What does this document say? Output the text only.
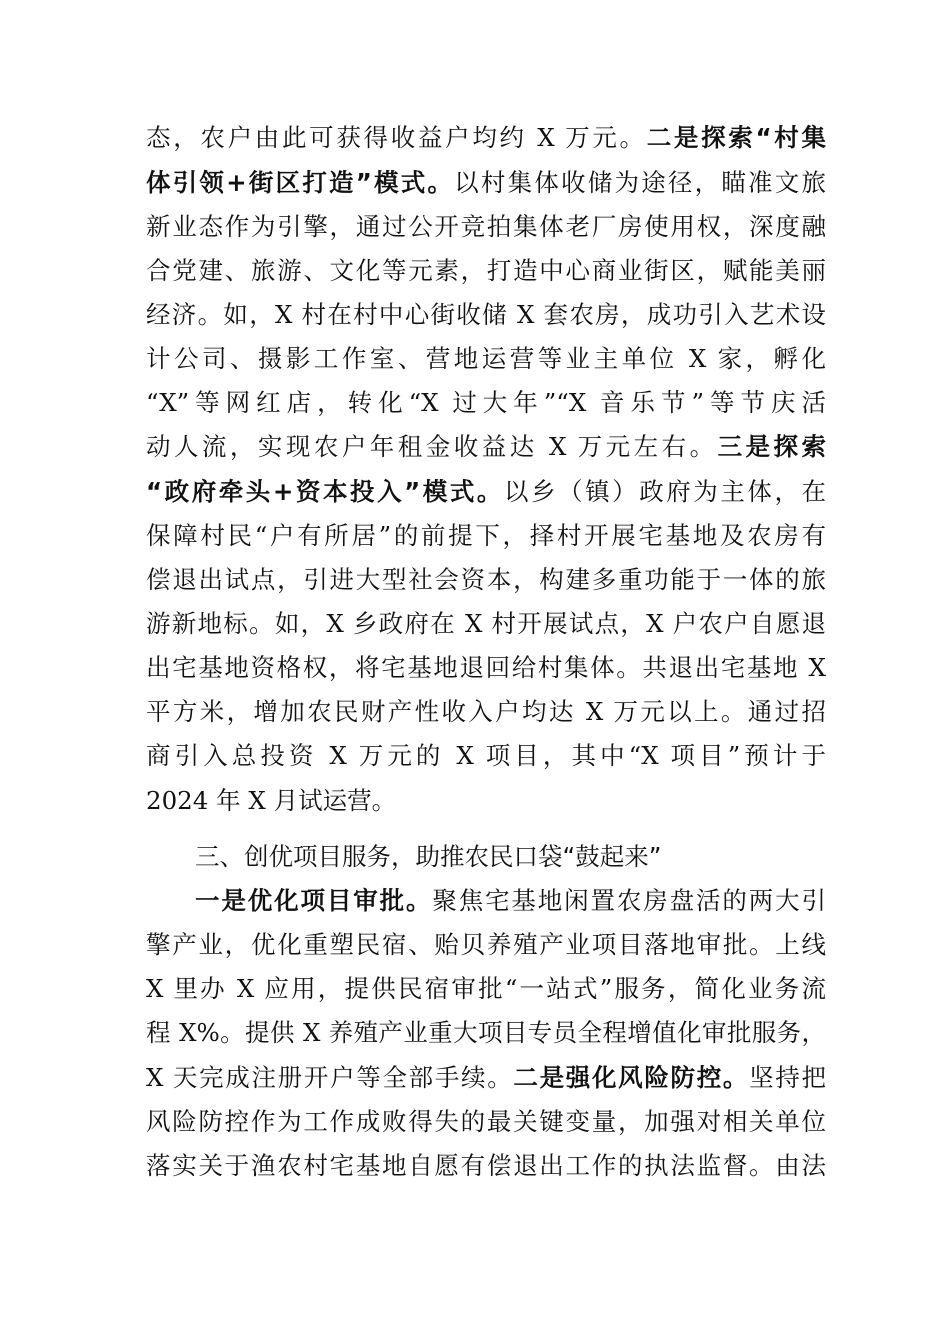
态，农户由此可获得收益户均约 X 万元。二是探索“村集
体引领+街区打造”模式。以村集体收储为途径，瞄准文旅
新业态作为引擎，通过公开竞拍集体老厂房使用权，深度融
合党建、旅游、文化等元素，打造中心商业街区，赋能美丽
经济。如，X 村在村中心街收储 X 套农房，成功引入艺术设
计公司、摄影工作室、营地运营等业主单位 X 家，孵化
“X”等网红店，转化“X 过大年”“X 音乐节”等节庆活
动人流，实现农户年租金收益达 X 万元左右。三是探索
“政府牵头+资本投入”模式。以乡（镇）政府为主体，在
保障村民“户有所居”的前提下，择村开展宅基地及农房有
偿退出试点，引进大型社会资本，构建多重功能于一体的旅
游新地标。如，X 乡政府在 X 村开展试点，X 户农户自愿退
出宅基地资格权，将宅基地退回给村集体。共退出宅基地 X
平方米，增加农民财产性收入户均达 X 万元以上。通过招
商引入总投资 X 万元的 X 项目，其中“X 项目”预计于
2024 年 X 月试运营。
三、创优项目服务，助推农民口袋“鼓起来”
一是优化项目审批。聚焦宅基地闲置农房盘活的两大引
擎产业，优化重塑民宿、贻贝养殖产业项目落地审批。上线
X 里办 X 应用，提供民宿审批“一站式”服务，简化业务流
程 X%。提供 X 养殖产业重大项目专员全程增值化审批服务，
X 天完成注册开户等全部手续。二是强化风险防控。坚持把
风险防控作为工作成败得失的最关键变量，加强对相关单位
落实关于渔农村宅基地自愿有偿退出工作的执法监督。由法
